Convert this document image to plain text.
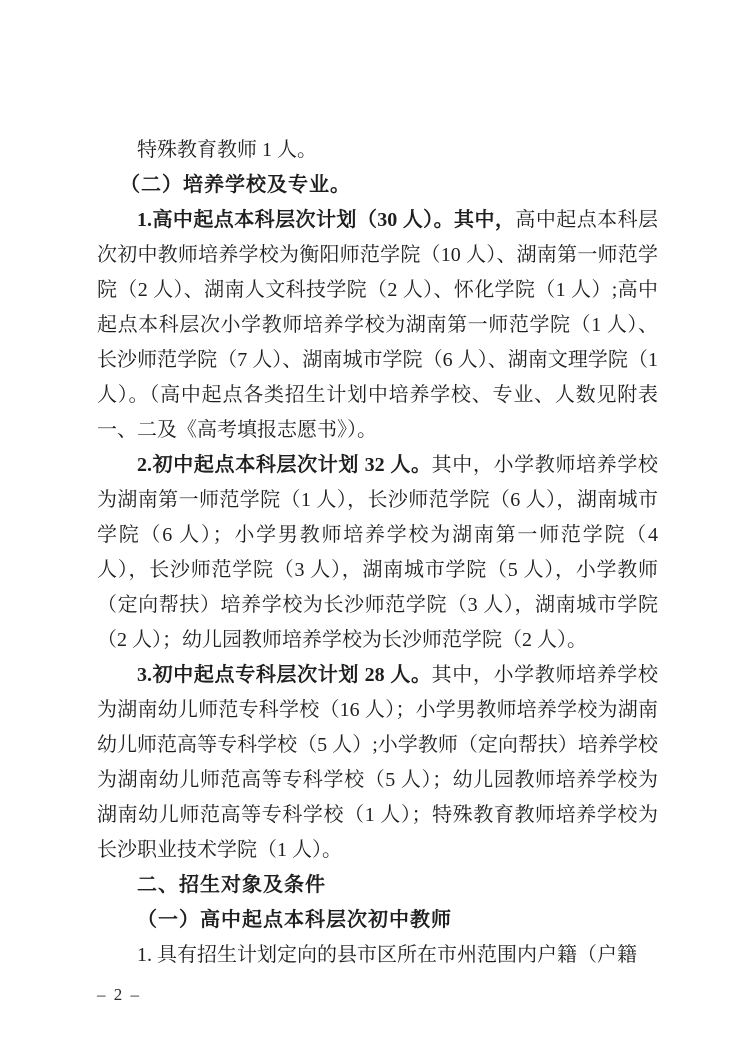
特殊教育教师 1 人。

（二）培养学校及专业。

1.高中起点本科层次计划（30 人）。其中，高中起点本科层次初中教师培养学校为衡阳师范学院（10 人）、湖南第一师范学院（2 人）、湖南人文科技学院（2 人）、怀化学院（1 人）;高中起点本科层次小学教师培养学校为湖南第一师范学院（1 人）、长沙师范学院（7 人）、湖南城市学院（6 人）、湖南文理学院（1 人）。（高中起点各类招生计划中培养学校、专业、人数见附表一、二及《高考填报志愿书》）。

2.初中起点本科层次计划 32 人。其中，小学教师培养学校为湖南第一师范学院（1 人），长沙师范学院（6 人），湖南城市学院（6 人）；小学男教师培养学校为湖南第一师范学院（4 人），长沙师范学院（3 人），湖南城市学院（5 人），小学教师（定向帮扶）培养学校为长沙师范学院（3 人），湖南城市学院（2 人）；幼儿园教师培养学校为长沙师范学院（2 人）。

3.初中起点专科层次计划 28 人。其中，小学教师培养学校为湖南幼儿师范专科学校（16 人）；小学男教师培养学校为湖南幼儿师范高等专科学校（5 人）;小学教师（定向帮扶）培养学校为湖南幼儿师范高等专科学校（5 人）；幼儿园教师培养学校为湖南幼儿师范高等专科学校（1 人）；特殊教育教师培养学校为长沙职业技术学院（1 人）。

二、招生对象及条件

（一）高中起点本科层次初中教师

1. 具有招生计划定向的县市区所在市州范围内户籍（户籍

– 2 –
